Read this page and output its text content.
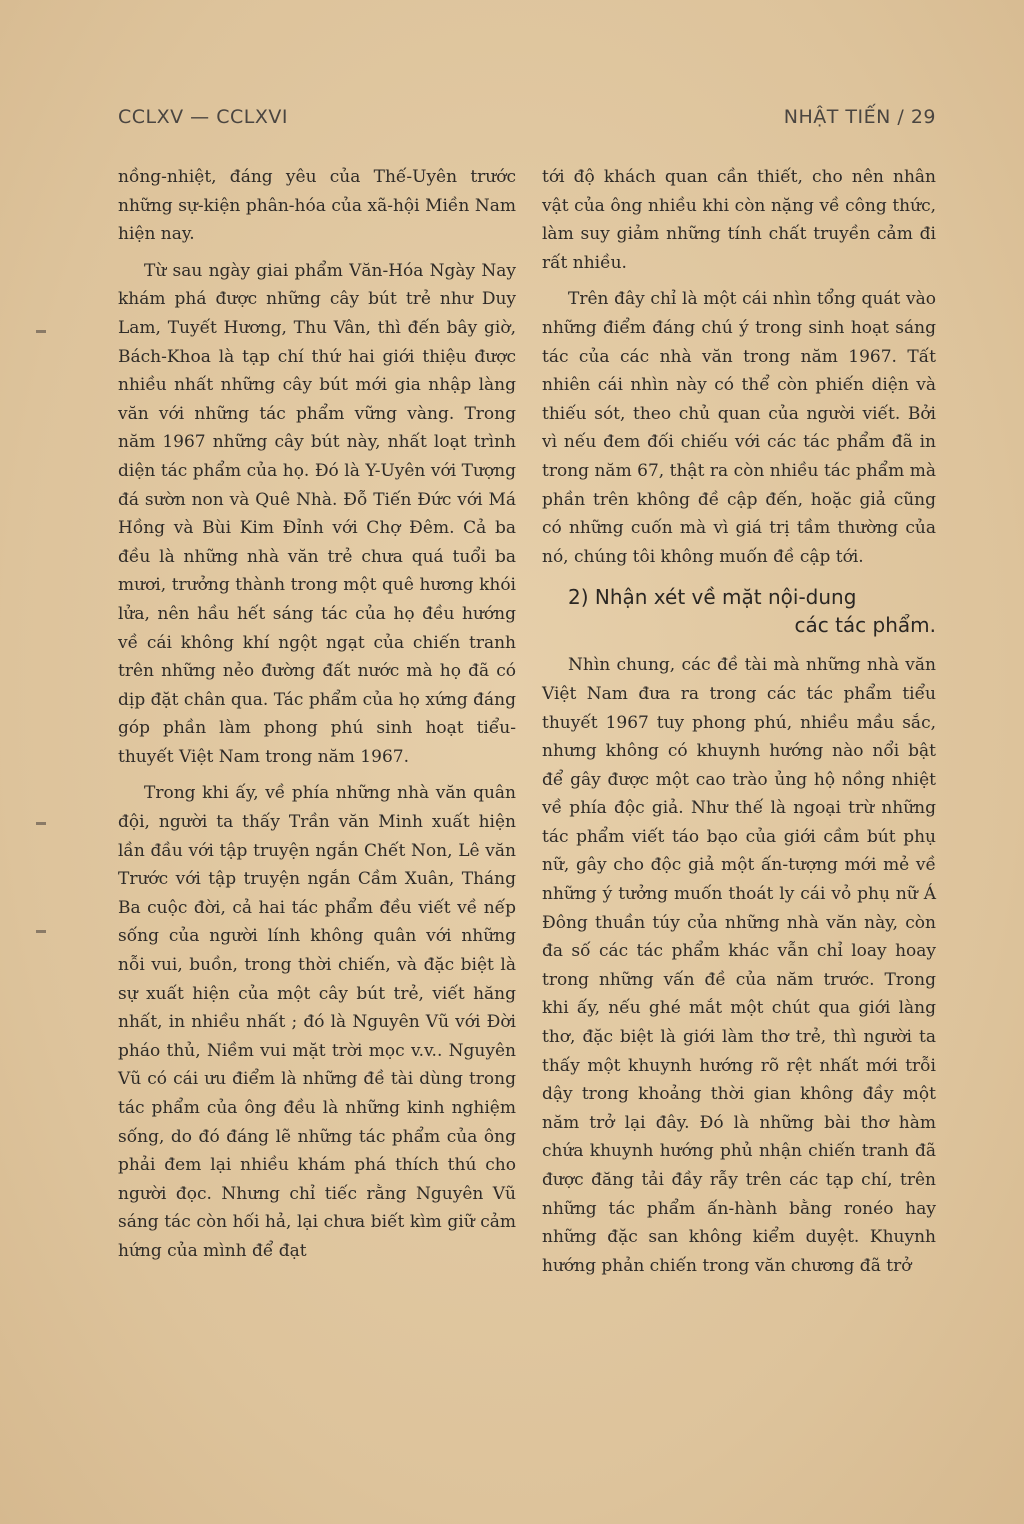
CCLXV — CCLXVI	NHẬT TIẾN / 29

nồng-nhiệt, đáng yêu của Thế-Uyên trước những sự-kiện phân-hóa của xã-hội Miền Nam hiện nay.

Từ sau ngày giai phẩm Văn-Hóa Ngày Nay khám phá được những cây bút trẻ như Duy Lam, Tuyết Hương, Thu Vân, thì đến bây giờ, Bách-Khoa là tạp chí thứ hai giới thiệu được nhiều nhất những cây bút mới gia nhập làng văn với những tác phẩm vững vàng. Trong năm 1967 những cây bút này, nhất loạt trình diện tác phẩm của họ. Đó là Y-Uyên với Tượng đá sườn non và Quê Nhà. Đỗ Tiến Đức với Má Hồng và Bùi Kim Đỉnh với Chợ Đêm. Cả ba đều là những nhà văn trẻ chưa quá tuổi ba mươi, trưởng thành trong một quê hương khói lửa, nên hầu hết sáng tác của họ đều hướng về cái không khí ngột ngạt của chiến tranh trên những nẻo đường đất nước mà họ đã có dịp đặt chân qua. Tác phẩm của họ xứng đáng góp phần làm phong phú sinh hoạt tiểu-thuyết Việt Nam trong năm 1967.

Trong khi ấy, về phía những nhà văn quân đội, người ta thấy Trần văn Minh xuất hiện lần đầu với tập truyện ngắn Chết Non, Lê văn Trước với tập truyện ngắn Cầm Xuân, Tháng Ba cuộc đời, cả hai tác phẩm đều viết về nếp sống của người lính không quân với những nỗi vui, buồn, trong thời chiến, và đặc biệt là sự xuất hiện của một cây bút trẻ, viết hăng nhất, in nhiều nhất ; đó là Nguyên Vũ với Đời pháo thủ, Niềm vui mặt trời mọc v.v.. Nguyên Vũ có cái ưu điểm là những đề tài dùng trong tác phẩm của ông đều là những kinh nghiệm sống, do đó đáng lẽ những tác phẩm của ông phải đem lại nhiều khám phá thích thú cho người đọc. Nhưng chỉ tiếc rằng Nguyên Vũ sáng tác còn hối hả, lại chưa biết kìm giữ cảm hứng của mình để đạt

tới độ khách quan cần thiết, cho nên nhân vật của ông nhiều khi còn nặng về công thức, làm suy giảm những tính chất truyền cảm đi rất nhiều.

Trên đây chỉ là một cái nhìn tổng quát vào những điểm đáng chú ý trong sinh hoạt sáng tác của các nhà văn trong năm 1967. Tất nhiên cái nhìn này có thể còn phiến diện và thiếu sót, theo chủ quan của người viết. Bởi vì nếu đem đối chiếu với các tác phẩm đã in trong năm 67, thật ra còn nhiều tác phẩm mà phần trên không đề cập đến, hoặc giả cũng có những cuốn mà vì giá trị tầm thường của nó, chúng tôi không muốn đề cập tới.

2) Nhận xét về mặt nội-dung
các tác phẩm.

Nhìn chung, các đề tài mà những nhà văn Việt Nam đưa ra trong các tác phẩm tiểu thuyết 1967 tuy phong phú, nhiều mầu sắc, nhưng không có khuynh hướng nào nổi bật để gây được một cao trào ủng hộ nồng nhiệt về phía độc giả. Như thế là ngoại trừ những tác phẩm viết táo bạo của giới cầm bút phụ nữ, gây cho độc giả một ấn-tượng mới mẻ về những ý tưởng muốn thoát ly cái vỏ phụ nữ Á Đông thuần túy của những nhà văn này, còn đa số các tác phẩm khác vẫn chỉ loay hoay trong những vấn đề của năm trước. Trong khi ấy, nếu ghé mắt một chút qua giới làng thơ, đặc biệt là giới làm thơ trẻ, thì người ta thấy một khuynh hướng rõ rệt nhất mới trỗi dậy trong khoảng thời gian không đầy một năm trở lại đây. Đó là những bài thơ hàm chứa khuynh hướng phủ nhận chiến tranh đã được đăng tải đầy rẫy trên các tạp chí, trên những tác phẩm ấn-hành bằng ronéo hay những đặc san không kiểm duyệt. Khuynh hướng phản chiến trong văn chương đã trở
